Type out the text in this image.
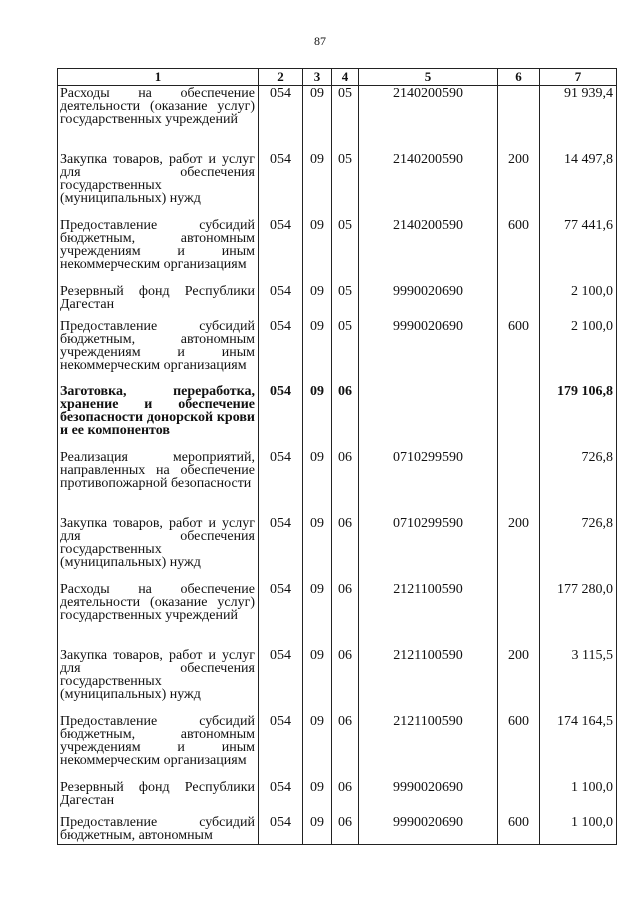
87
1	2	3	4	5	6	7
Расходы на обеспечение деятельности (оказание услуг) государственных учреждений	054	09	05	2140200590		91 939,4
Закупка товаров, работ и услуг для обеспечения государственных (муниципальных) нужд	054	09	05	2140200590	200	14 497,8
Предоставление субсидий бюджетным, автономным учреждениям и иным некоммерческим организациям	054	09	05	2140200590	600	77 441,6
Резервный фонд Республики Дагестан	054	09	05	9990020690		2 100,0
Предоставление субсидий бюджетным, автономным учреждениям и иным некоммерческим организациям	054	09	05	9990020690	600	2 100,0
Заготовка, переработка, хранение и обеспечение безопасности донорской крови и ее компонентов	054	09	06			179 106,8
Реализация мероприятий, направленных на обеспечение противопожарной безопасности	054	09	06	0710299590		726,8
Закупка товаров, работ и услуг для обеспечения государственных (муниципальных) нужд	054	09	06	0710299590	200	726,8
Расходы на обеспечение деятельности (оказание услуг) государственных учреждений	054	09	06	2121100590		177 280,0
Закупка товаров, работ и услуг для обеспечения государственных (муниципальных) нужд	054	09	06	2121100590	200	3 115,5
Предоставление субсидий бюджетным, автономным учреждениям и иным некоммерческим организациям	054	09	06	2121100590	600	174 164,5
Резервный фонд Республики Дагестан	054	09	06	9990020690		1 100,0
Предоставление субсидий бюджетным, автономным	054	09	06	9990020690	600	1 100,0
